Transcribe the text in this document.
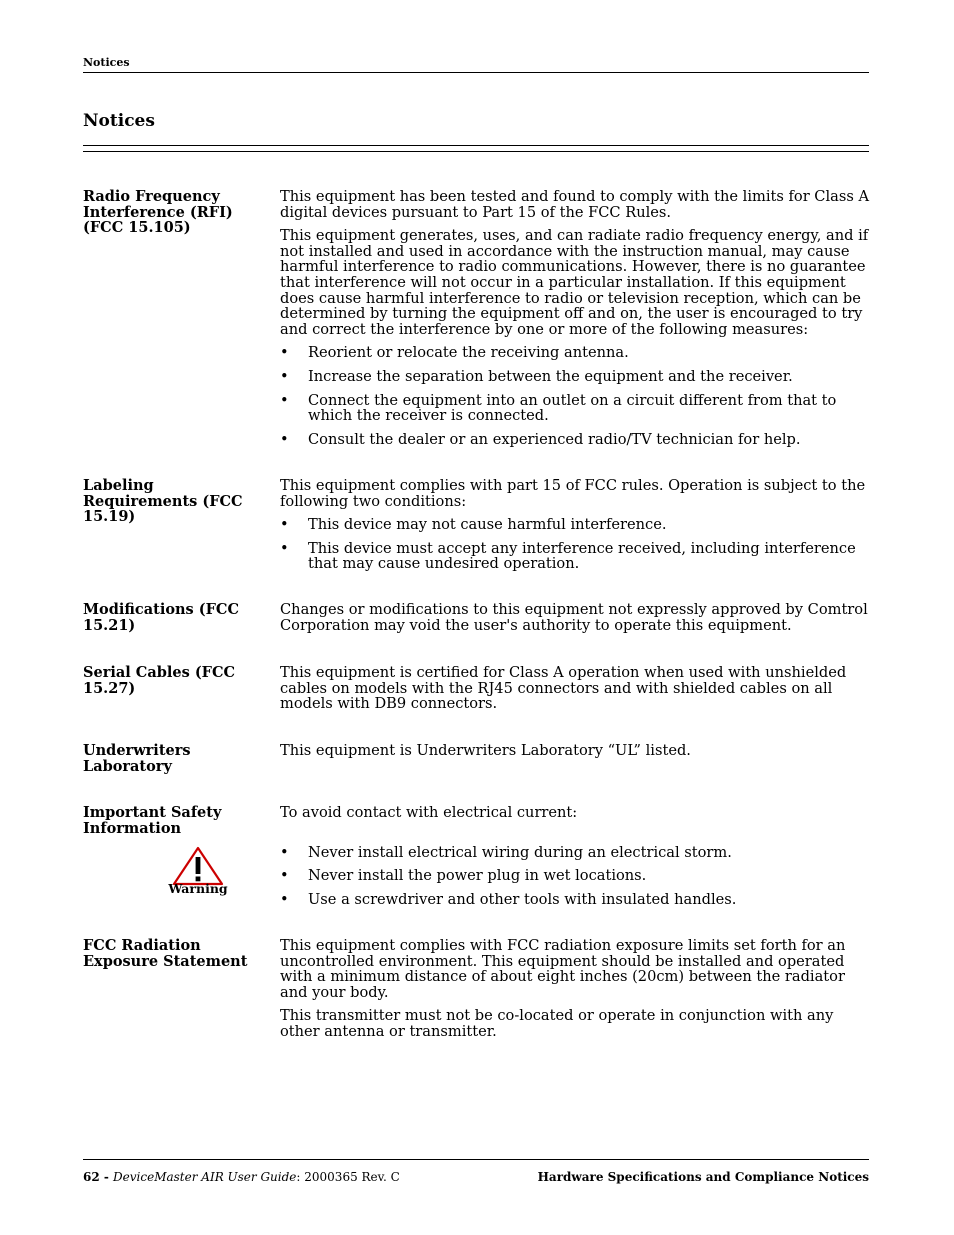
Notices
Notices
Radio Frequency Interference (RFI) (FCC 15.105)

This equipment has been tested and found to comply with the limits for Class A digital devices pursuant to Part 15 of the FCC Rules.

This equipment generates, uses, and can radiate radio frequency energy, and if not installed and used in accordance with the instruction manual, may cause harmful interference to radio communications. However, there is no guarantee that interference will not occur in a particular installation. If this equipment does cause harmful interference to radio or television reception, which can be determined by turning the equipment off and on, the user is encouraged to try and correct the interference by one or more of the following measures:

• Reorient or relocate the receiving antenna.
• Increase the separation between the equipment and the receiver.
• Connect the equipment into an outlet on a circuit different from that to which the receiver is connected.
• Consult the dealer or an experienced radio/TV technician for help.
Labeling Requirements (FCC 15.19)

This equipment complies with part 15 of FCC rules. Operation is subject to the following two conditions:

• This device may not cause harmful interference.
• This device must accept any interference received, including interference that may cause undesired operation.
Modifications (FCC 15.21)

Changes or modifications to this equipment not expressly approved by Comtrol Corporation may void the user's authority to operate this equipment.

Serial Cables (FCC 15.27)

This equipment is certified for Class A operation when used with unshielded cables on models with the RJ45 connectors and with shielded cables on all models with DB9 connectors.

Underwriters Laboratory

This equipment is Underwriters Laboratory “UL” listed.

Important Safety Information
Warning

To avoid contact with electrical current:

• Never install electrical wiring during an electrical storm.
• Never install the power plug in wet locations.
• Use a screwdriver and other tools with insulated handles.
FCC Radiation Exposure Statement

This equipment complies with FCC radiation exposure limits set forth for an uncontrolled environment. This equipment should be installed and operated with a minimum distance of about eight inches (20cm) between the radiator and your body.

This transmitter must not be co-located or operate in conjunction with any other antenna or transmitter.

62 - DeviceMaster AIR User Guide: 2000365 Rev. C	Hardware Specifications and Compliance Notices
